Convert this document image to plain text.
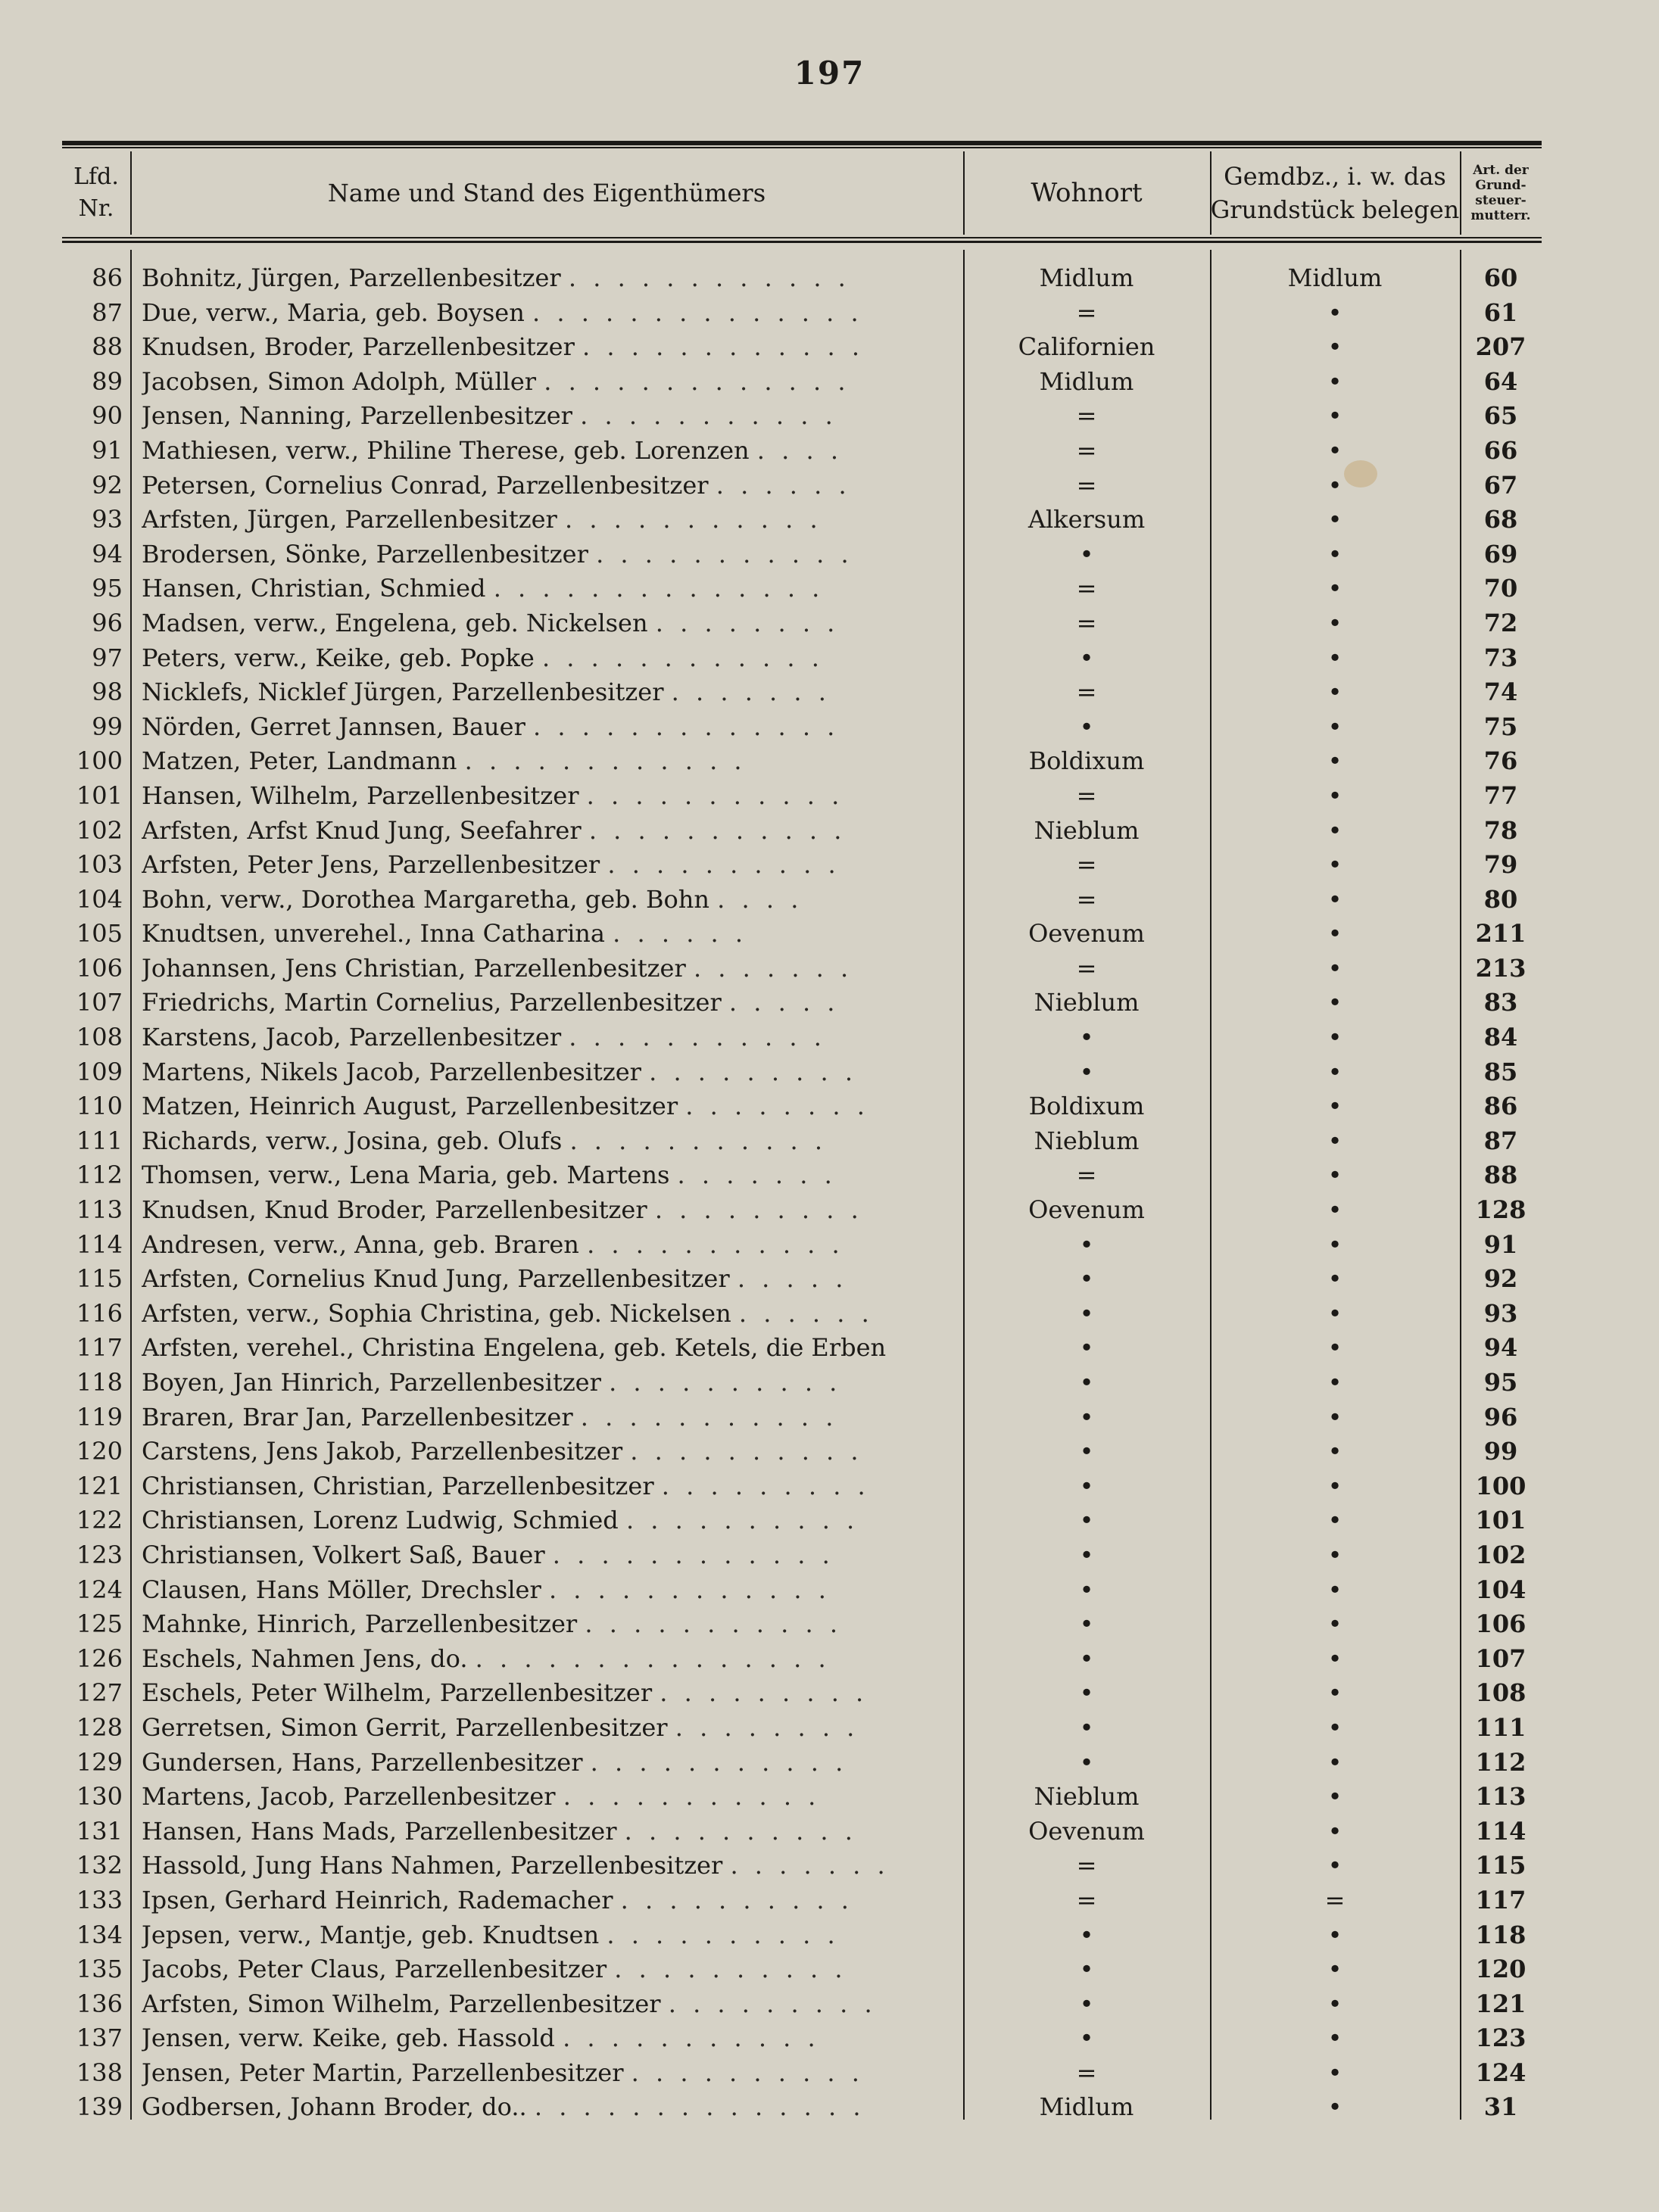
197
Lfd.
Nr.
Name und Stand des Eigenthümers	Wohnort
Gemdbz., i. w. das
Grundstück belegen
Art. der
Grund-
steuer-
mutterr.
86 Bohnitz, Jürgen, Parzellenbesitzer . . . . . . . . . . . .	Midlum	Midlum	60
87 Due, verw., Maria, geb. Boysen . . . . . . . . . . . . . .	=	•	61
88 Knudsen, Broder, Parzellenbesitzer . . . . . . . . . . . .	Californien	•	207
89 Jacobsen, Simon Adolph, Müller . . . . . . . . . . . . .	Midlum	•	64
90 Jensen, Nanning, Parzellenbesitzer . . . . . . . . . . .	=	•	65
91 Mathiesen, verw., Philine Therese, geb. Lorenzen . . . .	=	•	66
92 Petersen, Cornelius Conrad, Parzellenbesitzer . . . . . .	=	•	67
93 Arfsten, Jürgen, Parzellenbesitzer . . . . . . . . . . .	Alkersum	•	68
94 Brodersen, Sönke, Parzellenbesitzer . . . . . . . . . . .	•	•	69
95 Hansen, Christian, Schmied . . . . . . . . . . . . . .	=	•	70
96 Madsen, verw., Engelena, geb. Nickelsen . . . . . . . .	=	•	72
97 Peters, verw., Keike, geb. Popke . . . . . . . . . . . .	•	•	73
98 Nicklefs, Nicklef Jürgen, Parzellenbesitzer . . . . . . .	=	•	74
99 Nörden, Gerret Jannsen, Bauer . . . . . . . . . . . . .	•	•	75
100 Matzen, Peter, Landmann . . . . . . . . . . . .	Boldixum	•	76
101 Hansen, Wilhelm, Parzellenbesitzer . . . . . . . . . . .	=	•	77
102 Arfsten, Arfst Knud Jung, Seefahrer . . . . . . . . . . .	Nieblum	•	78
103 Arfsten, Peter Jens, Parzellenbesitzer . . . . . . . . . .	=	•	79
104 Bohn, verw., Dorothea Margaretha, geb. Bohn . . . .	=	•	80
105 Knudtsen, unverehel., Inna Catharina . . . . . .	Oevenum	•	211
106 Johannsen, Jens Christian, Parzellenbesitzer . . . . . . .	=	•	213
107 Friedrichs, Martin Cornelius, Parzellenbesitzer . . . . .	Nieblum	•	83
108 Karstens, Jacob, Parzellenbesitzer . . . . . . . . . . .	•	•	84
109 Martens, Nikels Jacob, Parzellenbesitzer . . . . . . . . .	•	•	85
110 Matzen, Heinrich August, Parzellenbesitzer . . . . . . . .	Boldixum	•	86
111 Richards, verw., Josina, geb. Olufs . . . . . . . . . . .	Nieblum	•	87
112 Thomsen, verw., Lena Maria, geb. Martens . . . . . . .	=	•	88
113 Knudsen, Knud Broder, Parzellenbesitzer . . . . . . . . .	Oevenum	•	128
114 Andresen, verw., Anna, geb. Braren . . . . . . . . . . .	•	•	91
115 Arfsten, Cornelius Knud Jung, Parzellenbesitzer . . . . .	•	•	92
116 Arfsten, verw., Sophia Christina, geb. Nickelsen . . . . . .	•	•	93
117 Arfsten, verehel., Christina Engelena, geb. Ketels, die Erben	•	•	94
118 Boyen, Jan Hinrich, Parzellenbesitzer . . . . . . . . . .	•	•	95
119 Braren, Brar Jan, Parzellenbesitzer . . . . . . . . . . .	•	•	96
120 Carstens, Jens Jakob, Parzellenbesitzer . . . . . . . . . .	•	•	99
121 Christiansen, Christian, Parzellenbesitzer . . . . . . . . .	•	•	100
122 Christiansen, Lorenz Ludwig, Schmied . . . . . . . . . .	•	•	101
123 Christiansen, Volkert Saß, Bauer . . . . . . . . . . . .	•	•	102
124 Clausen, Hans Möller, Drechsler . . . . . . . . . . . .	•	•	104
125 Mahnke, Hinrich, Parzellenbesitzer . . . . . . . . . . .	•	•	106
126 Eschels, Nahmen Jens, do. . . . . . . . . . . . . . . .	•	•	107
127 Eschels, Peter Wilhelm, Parzellenbesitzer . . . . . . . . .	•	•	108
128 Gerretsen, Simon Gerrit, Parzellenbesitzer . . . . . . . .	•	•	111
129 Gundersen, Hans, Parzellenbesitzer . . . . . . . . . . .	•	•	112
130 Martens, Jacob, Parzellenbesitzer . . . . . . . . . . .	Nieblum	•	113
131 Hansen, Hans Mads, Parzellenbesitzer . . . . . . . . . .	Oevenum	•	114
132 Hassold, Jung Hans Nahmen, Parzellenbesitzer . . . . . . .	=	•	115
133 Ipsen, Gerhard Heinrich, Rademacher . . . . . . . . . .	=	=	117
134 Jepsen, verw., Mantje, geb. Knudtsen . . . . . . . . . .	•	•	118
135 Jacobs, Peter Claus, Parzellenbesitzer . . . . . . . . . .	•	•	120
136 Arfsten, Simon Wilhelm, Parzellenbesitzer . . . . . . . . .	•	•	121
137 Jensen, verw. Keike, geb. Hassold . . . . . . . . . . .	•	•	123
138 Jensen, Peter Martin, Parzellenbesitzer . . . . . . . . . .	=	•	124
139 Godbersen, Johann Broder, do.. . . . . . . . . . . . . . .	Midlum	•	31
